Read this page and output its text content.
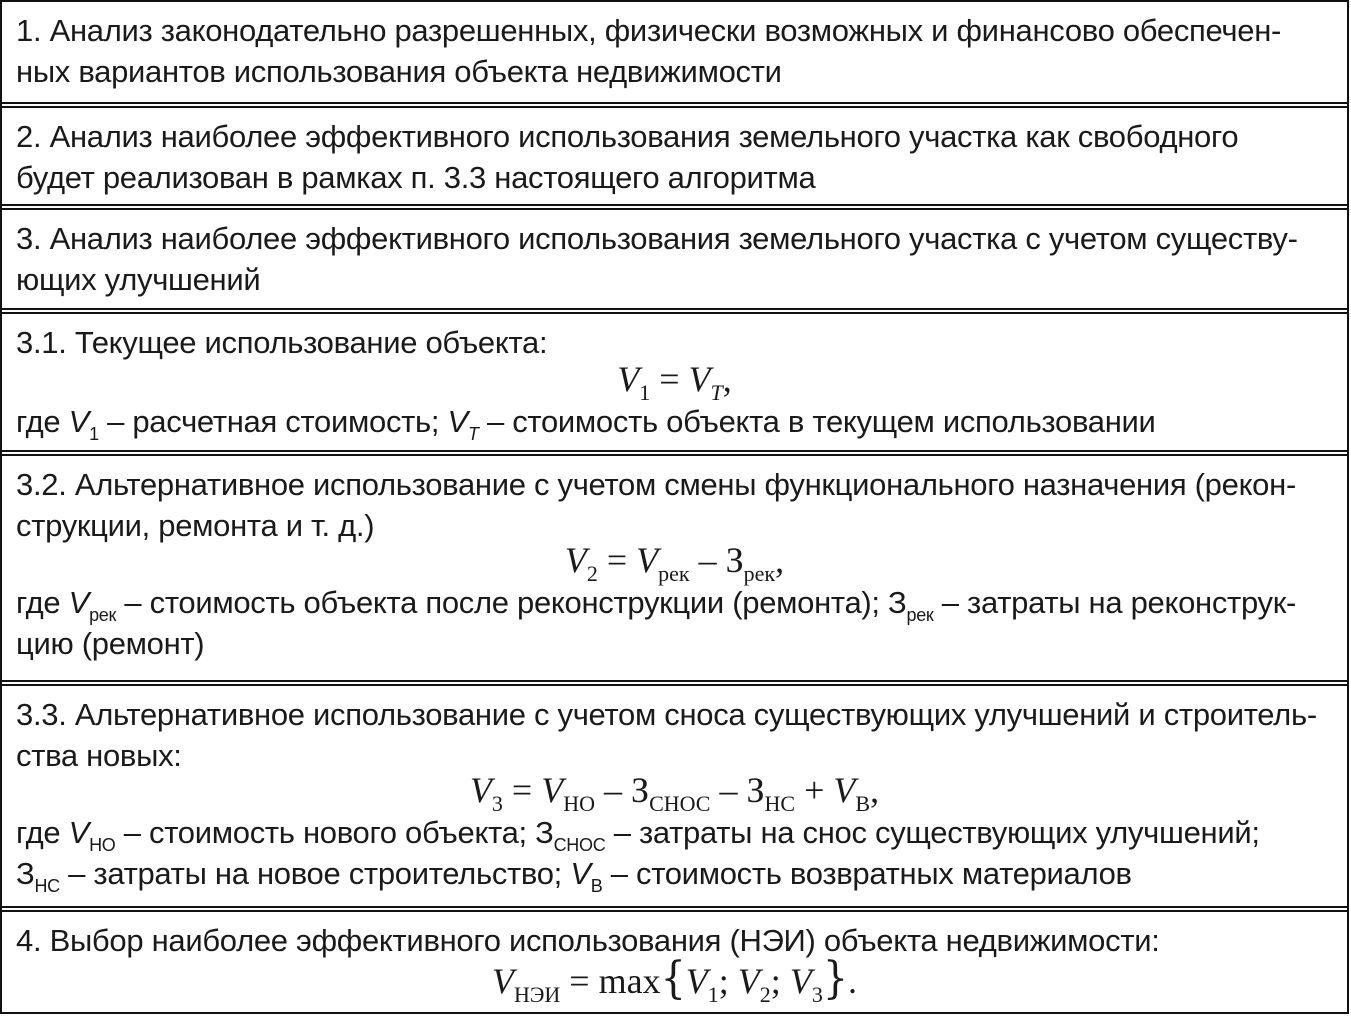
1. Анализ законодательно разрешенных, физически возможных и финансово обеспечен-
ных вариантов использования объекта недвижимости
2. Анализ наиболее эффективного использования земельного участка как свободного
будет реализован в рамках п. 3.3 настоящего алгоритма
3. Анализ наиболее эффективного использования земельного участка с учетом существу-
ющих улучшений
3.1. Текущее использование объекта:
$V_1 = V_T$,
где $V_1$ – расчетная стоимость; $V_T$ – стоимость объекта в текущем использовании
3.2. Альтернативное использование с учетом смены функционального назначения (рекон-
струкции, ремонта и т. д.)
$V_2 = V_{рек} - З_{рек}$,
где $V_{рек}$ – стоимость объекта после реконструкции (ремонта); $З_{рек}$ – затраты на реконструк-
цию (ремонт)
3.3. Альтернативное использование с учетом сноса существующих улучшений и строитель-
ства новых:
$V_3 = V_{НО} - З_{СНОС} - З_{НС} + V_В$,
где $V_{НО}$ – стоимость нового объекта; $З_{СНОС}$ – затраты на снос существующих улучшений;
$З_{НС}$ – затраты на новое строительство; $V_В$ – стоимость возвратных материалов
4. Выбор наиболее эффективного использования (НЭИ) объекта недвижимости:
$V_{НЭИ} = \max\{V_1$; $V_2$; $V_3$}.
